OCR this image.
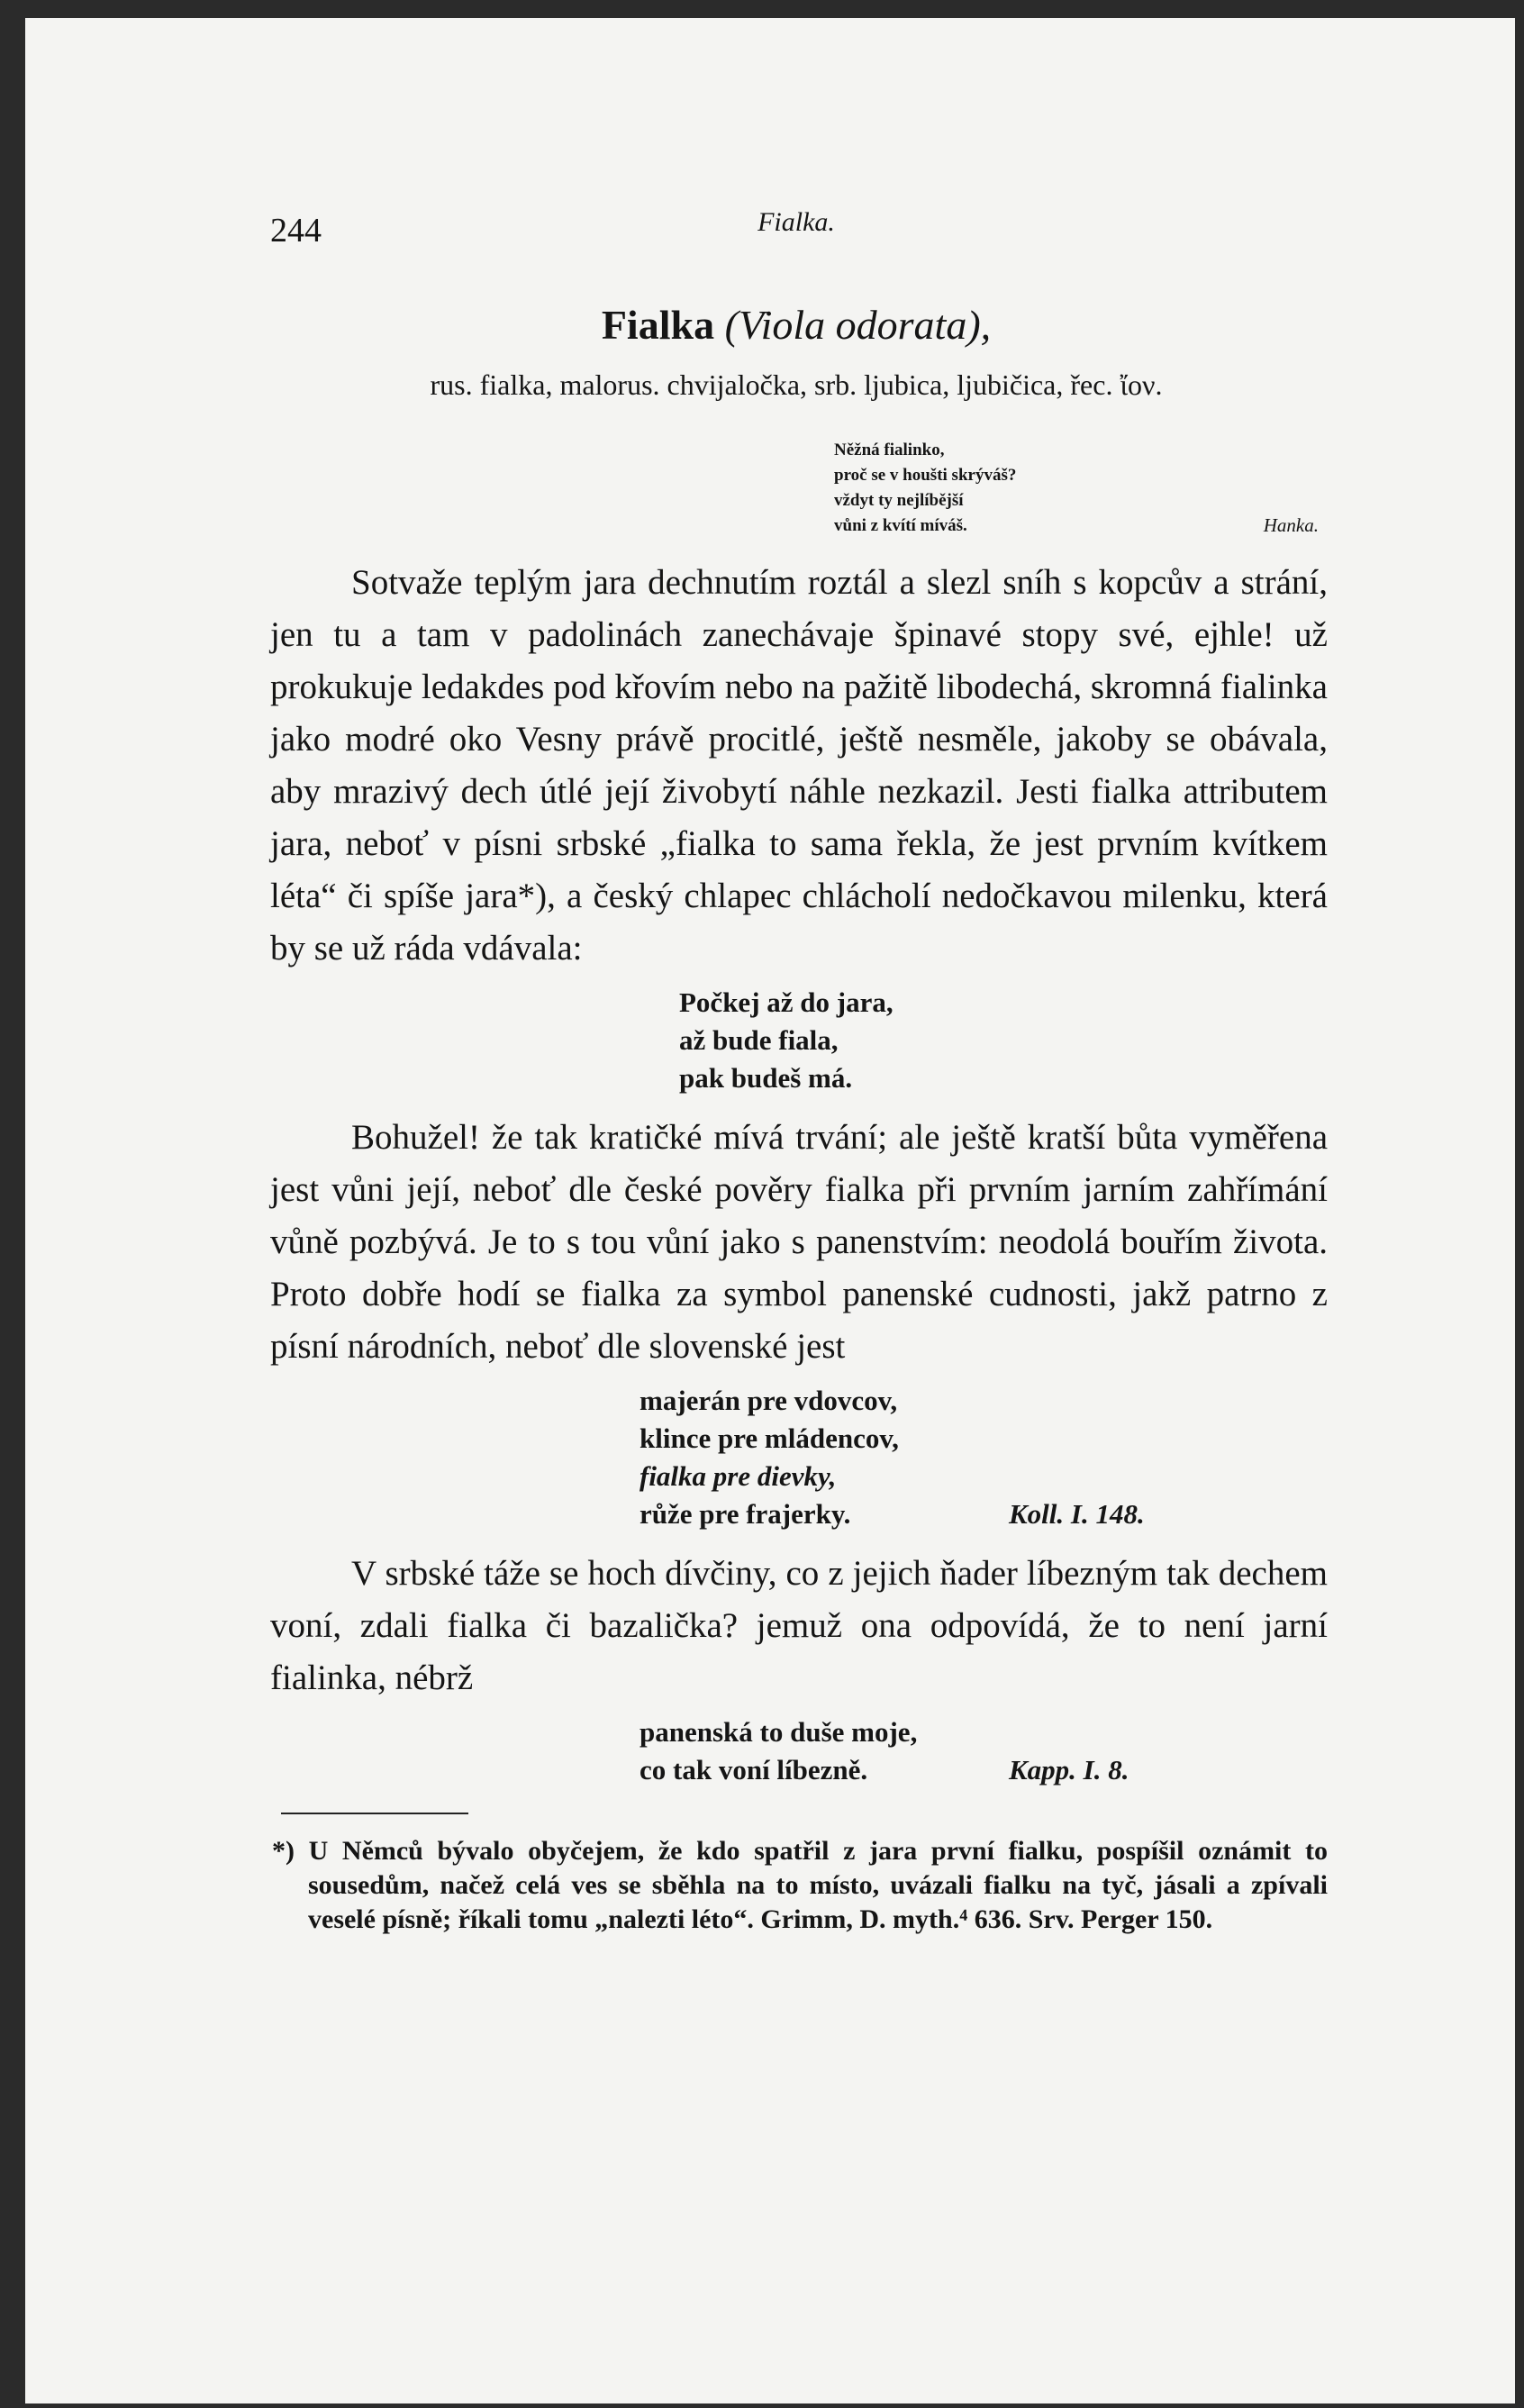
244	Fialka.
Fialka (Viola odorata),
rus. fialka, malorus. chvijaločka, srb. ljubica, ljubičica, řec. ἴον.
Něžná fialinko,
proč se v houšti skrýváš?
vždyt ty nejlíbější
vůni z kvítí míváš.	Hanka.

Sotvaže teplým jara dechnutím roztál a slezl sníh s kopcův a strání, jen tu a tam v padolinách zanechávaje špinavé stopy své, ejhle! už prokukuje ledakdes pod křovím nebo na pažitě libodechá, skromná fialinka jako modré oko Vesny právě procitlé, ještě nesměle, jakoby se obávala, aby mrazivý dech útlé její živobytí náhle nezkazil. Jesti fialka attributem jara, neboť v písni srbské „fialka to sama řekla, že jest prvním kvítkem léta“ či spíše jara*), a český chlapec chlácholí nedočkavou milenku, která by se už ráda vdávala:

Počkej až do jara,
až bude fiala,
pak budeš má.

Bohužel! že tak kratičké mívá trvání; ale ještě kratší bůta vyměřena jest vůni její, neboť dle české pověry fialka při prvním jarním zahřímání vůně pozbývá. Je to s tou vůní jako s panenstvím: neodolá bouřím života. Proto dobře hodí se fialka za symbol panenské cudnosti, jakž patrno z písní národních, neboť dle slovenské jest

majerán pre vdovcov,
klince pre mládencov,
fialka pre dievky,
růže pre frajerky.	Koll. I. 148.

V srbské táže se hoch dívčiny, co z jejich ňader líbezným tak dechem voní, zdali fialka či bazalička? jemuž ona odpovídá, že to není jarní fialinka, nébrž

panenská to duše moje,
co tak voní líbezně.	Kapp. I. 8.
*) U Němců bývalo obyčejem, že kdo spatřil z jara první fialku, pospíšil oznámit to sousedům, načež celá ves se sběhla na to místo, uvázali fialku na tyč, jásali a zpívali veselé písně; říkali tomu „nalezti léto“. Grimm, D. myth.⁴ 636. Srv. Perger 150.
